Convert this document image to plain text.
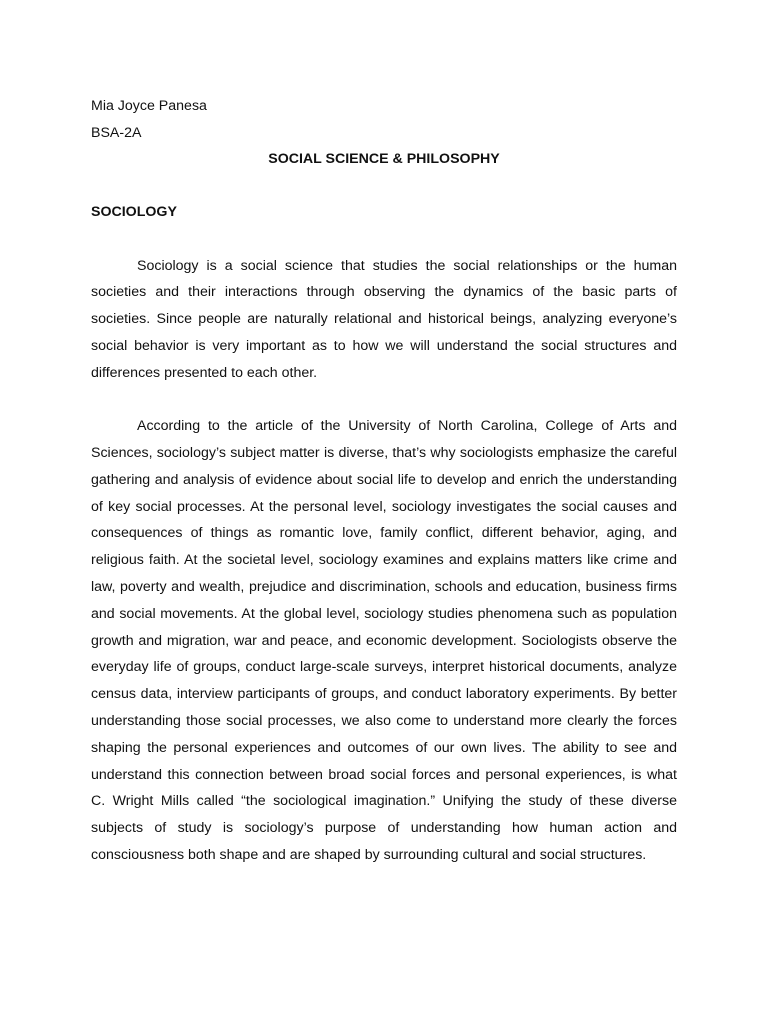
Mia Joyce Panesa

BSA-2A

SOCIAL SCIENCE & PHILOSOPHY

SOCIOLOGY

Sociology is a social science that studies the social relationships or the human societies and their interactions through observing the dynamics of the basic parts of societies. Since people are naturally relational and historical beings, analyzing everyone’s social behavior is very important as to how we will understand the social structures and differences presented to each other.

According to the article of the University of North Carolina, College of Arts and Sciences, sociology’s subject matter is diverse, that’s why sociologists emphasize the careful gathering and analysis of evidence about social life to develop and enrich the understanding of key social processes. At the personal level, sociology investigates the social causes and consequences of things as romantic love, family conflict, different behavior, aging, and religious faith. At the societal level, sociology examines and explains matters like crime and law, poverty and wealth, prejudice and discrimination, schools and education, business firms and social movements. At the global level, sociology studies phenomena such as population growth and migration, war and peace, and economic development. Sociologists observe the everyday life of groups, conduct large-scale surveys, interpret historical documents, analyze census data, interview participants of groups, and conduct laboratory experiments. By better understanding those social processes, we also come to understand more clearly the forces shaping the personal experiences and outcomes of our own lives. The ability to see and understand this connection between broad social forces and personal experiences, is what C. Wright Mills called “the sociological imagination.” Unifying the study of these diverse subjects of study is sociology’s purpose of understanding how human action and consciousness both shape and are shaped by surrounding cultural and social structures.
